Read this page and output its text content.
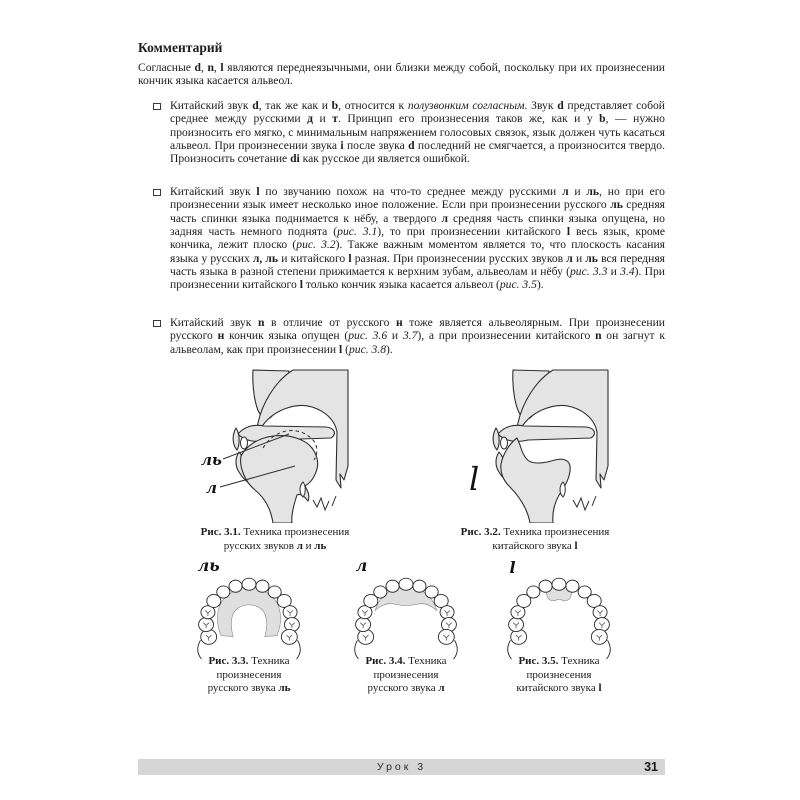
Комментарий

Согласные d, n, l являются переднеязычными, они близки между собой, поскольку при их произнесении кончик языка касается альвеол.

Китайский звук d, так же как и b, относится к полузвонким согласным. Звук d представляет собой среднее между русскими д и т. Принцип его произнесения таков же, как и у b, — нужно произносить его мягко, с минимальным напряжением голосовых связок, язык должен чуть касаться альвеол. При произнесении звука i после звука d последний не смягчается, а произносится твердо. Произносить сочетание di как русское ди является ошибкой.

Китайский звук l по звучанию похож на что-то среднее между русскими л и ль, но при его произнесении язык имеет несколько иное положение. Если при произнесении русского ль средняя часть спинки языка поднимается к нёбу, а твердого л средняя часть спинки языка опущена, но задняя часть немного поднята (рис. 3.1), то при произнесении китайского l весь язык, кроме кончика, лежит плоско (рис. 3.2). Также важным моментом является то, что плоскость касания языка у русских л, ль и китайского l разная. При произнесении русских звуков л и ль вся передняя часть языка в разной степени прижимается к верхним зубам, альвеолам и нёбу (рис. 3.3 и 3.4). При произнесении китайского l только кончик языка касается альвеол (рис. 3.5).

Китайский звук n в отличие от русского н тоже является альвеолярным. При произнесении русского н кончик языка опущен (рис. 3.6 и 3.7), а при произнесении китайского n он загнут к альвеолам, как при произнесении l (рис. 3.8).

ль
л
Рис. 3.1. Техника произнесения
русских звуков л и ль
l
Рис. 3.2. Техника произнесения
китайского звука l
ль
Рис. 3.3. Техника
произнесения
русского звука ль
л
Рис. 3.4. Техника
произнесения
русского звука л
l
Рис. 3.5. Техника
произнесения
китайского звука l
Урок 3	31
